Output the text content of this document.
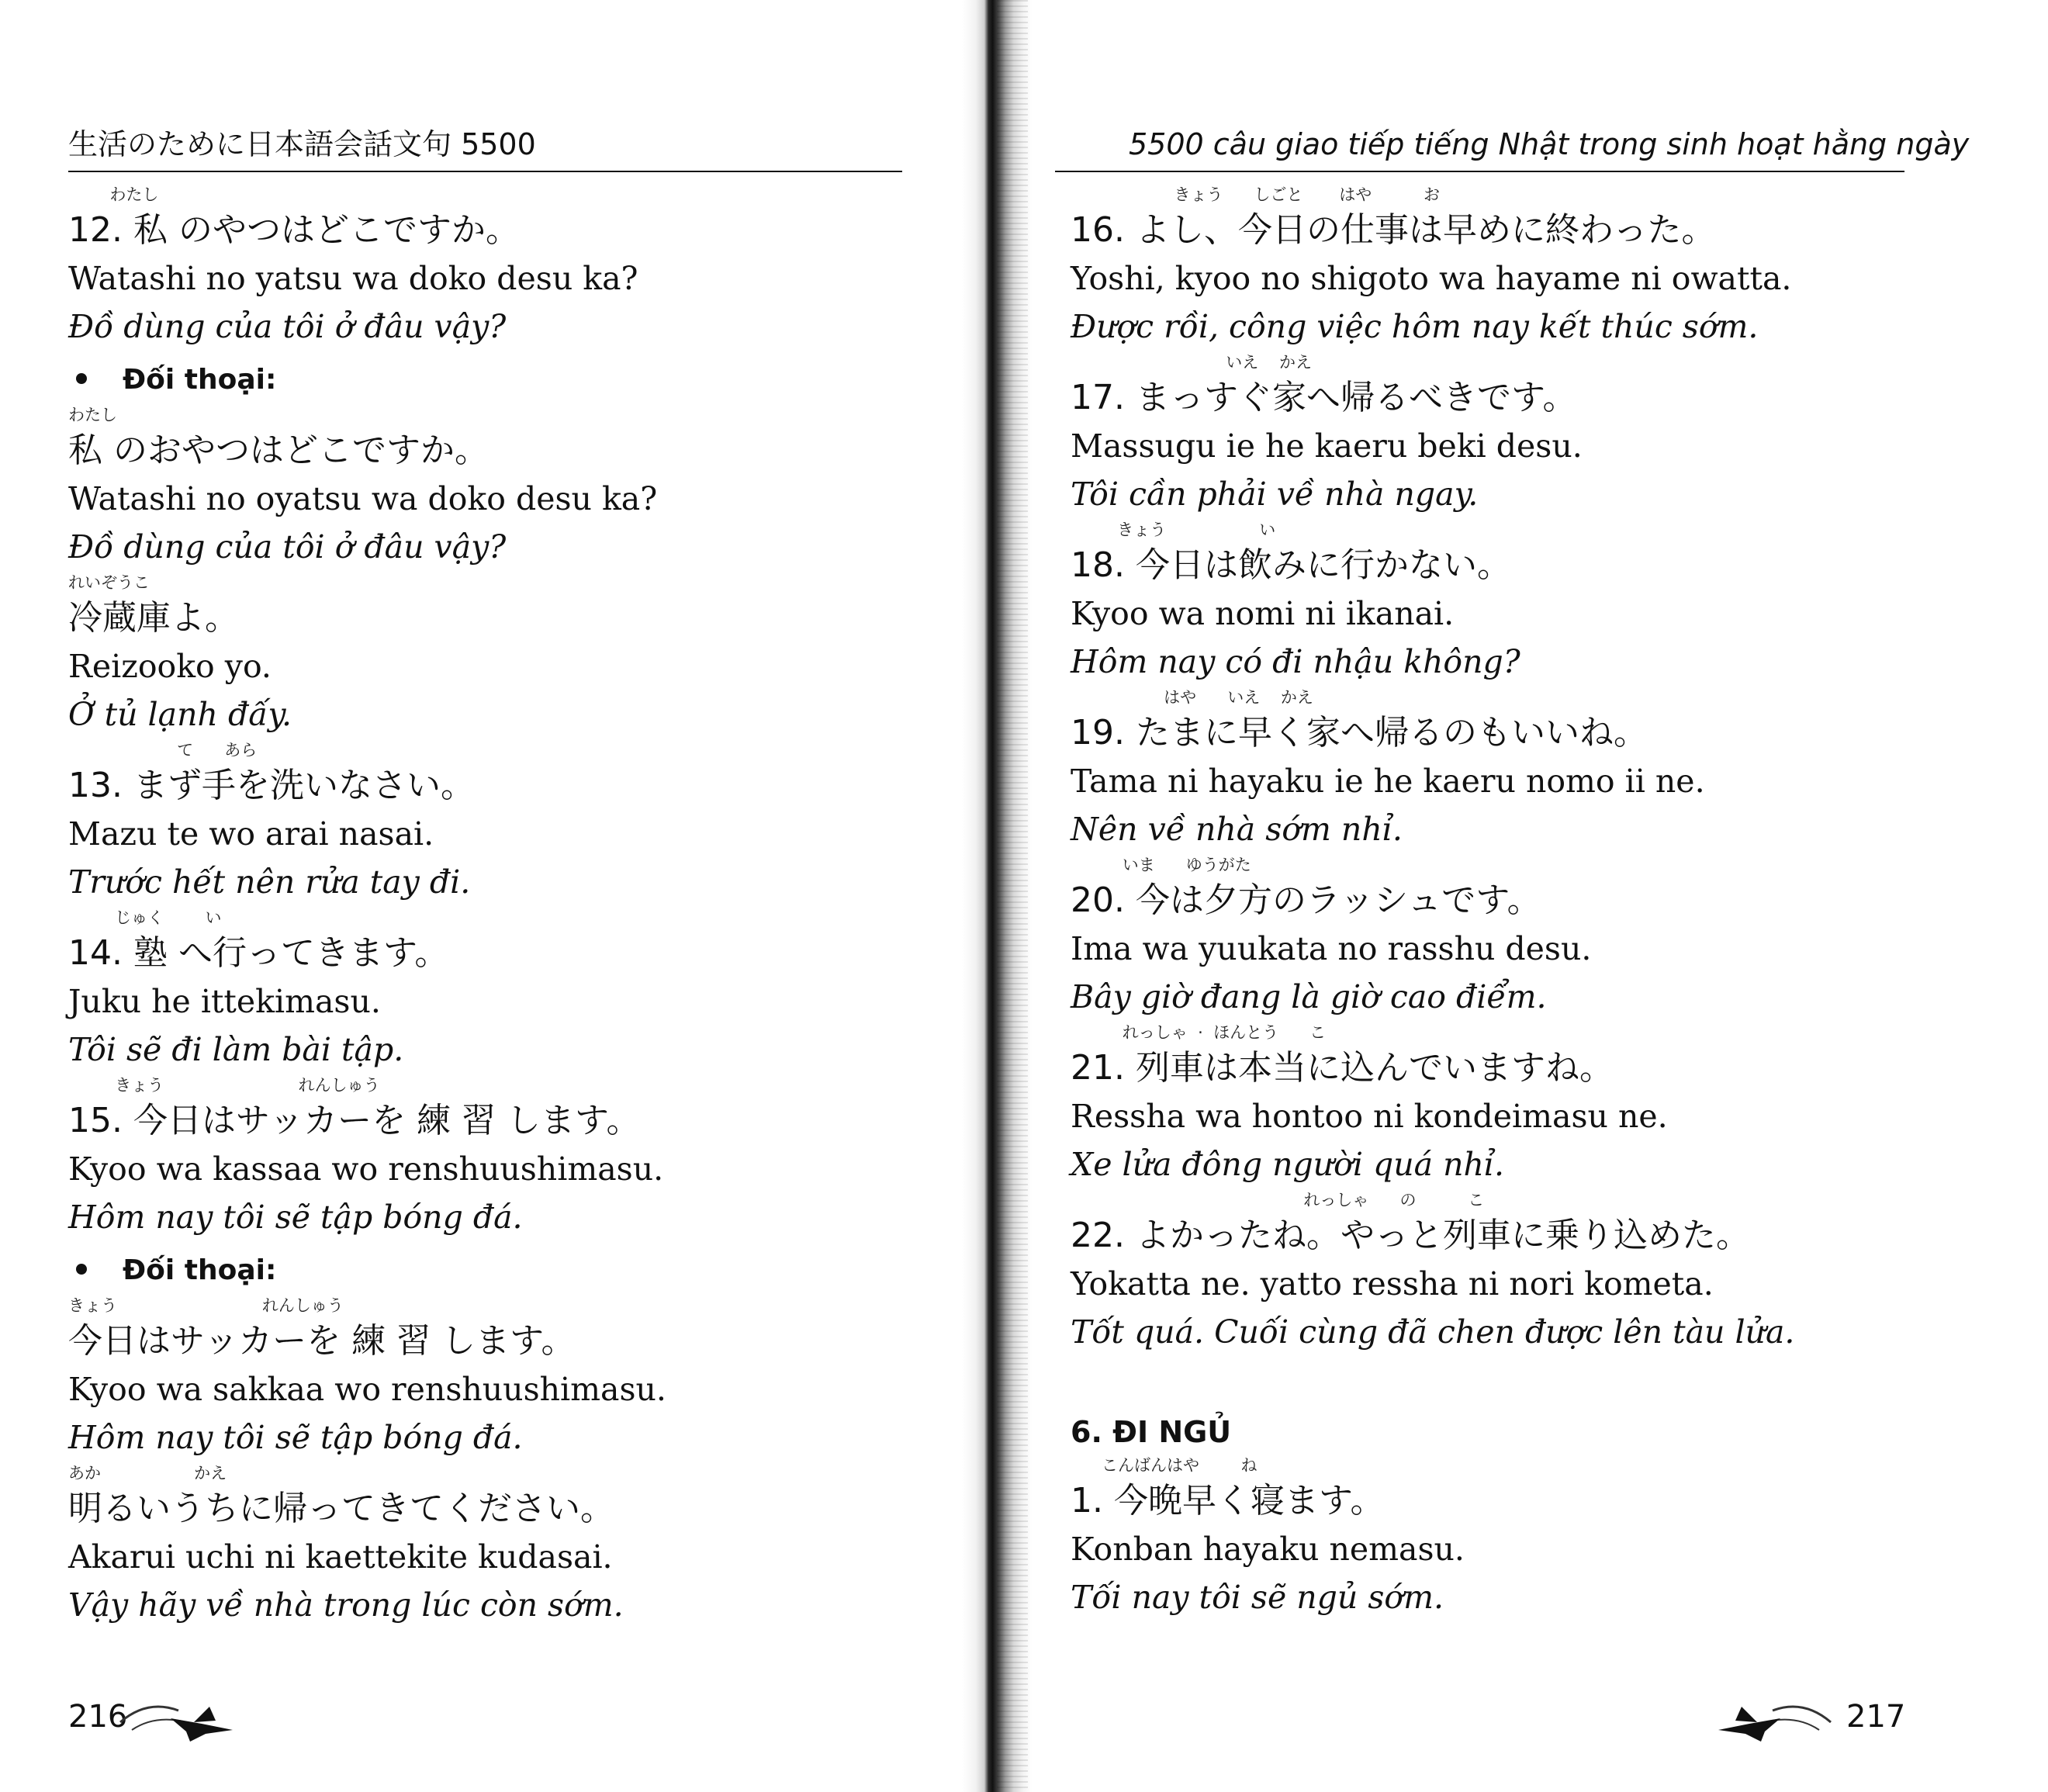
生活のために日本語会話文句 5500
わたし
12. 私 のやつはどこですか。
Watashi no yatsu wa doko desu ka?
Đồ dùng của tôi ở đâu vậy?
Đối thoại:
わたし
私 のおやつはどこですか。
Watashi no oyatsu wa doko desu ka?
Đồ dùng của tôi ở đâu vậy?
れいぞうこ
冷蔵庫よ。
Reizooko yo.
Ở tủ lạnh đấy.
て      あら
13. まず手を洗いなさい。
Mazu te wo arai nasai.
Trước hết nên rửa tay đi.
じゅく        い
14. 塾 へ行ってきます。
Juku he ittekimasu.
Tôi sẽ đi làm bài tập.
きょう                          れんしゅう
15. 今日はサッカーを 練 習 します。
Kyoo wa kassaa wo renshuushimasu.
Hôm nay tôi sẽ tập bóng đá.
Đối thoại:
きょう                            れんしゅう
今日はサッカーを 練 習 します。
Kyoo wa sakkaa wo renshuushimasu.
Hôm nay tôi sẽ tập bóng đá.
あか                  かえ
明るいうちに帰ってきてください。
Akarui uchi ni kaettekite kudasai.
Vậy hãy về nhà trong lúc còn sớm.
216
5500 câu giao tiếp tiếng Nhật trong sinh hoạt hằng ngày
きょう      しごと       はや          お
16. よし、今日の仕事は早めに終わった。
Yoshi, kyoo no shigoto wa hayame ni owatta.
Được rồi, công việc hôm nay kết thúc sớm.
いえ    かえ
17. まっすぐ家へ帰るべきです。
Massugu ie he kaeru beki desu.
Tôi cần phải về nhà ngay.
きょう                  い
18. 今日は飲みに行かない。
Kyoo wa nomi ni ikanai.
Hôm nay có đi nhậu không?
はや      いえ    かえ
19. たまに早く家へ帰るのもいいね。
Tama ni hayaku ie he kaeru nomo ii ne.
Nên về nhà sớm nhỉ.
いま      ゆうがた
20. 今は夕方のラッシュです。
Ima wa yuukata no rasshu desu.
Bây giờ đang là giờ cao điểm.
れっしゃ  ·  ほんとう      こ
21. 列車は本当に込んでいますね。
Ressha wa hontoo ni kondeimasu ne.
Xe lửa đông người quá nhỉ.
れっしゃ      の          こ
22. よかったね。やっと列車に乗り込めた。
Yokatta ne. yatto ressha ni nori kometa.
Tốt quá. Cuối cùng đã chen được lên tàu lửa.
6. ĐI NGỦ
こんばんはや        ね
1. 今晩早く寝ます。
Konban hayaku nemasu.
Tối nay tôi sẽ ngủ sớm.
217
